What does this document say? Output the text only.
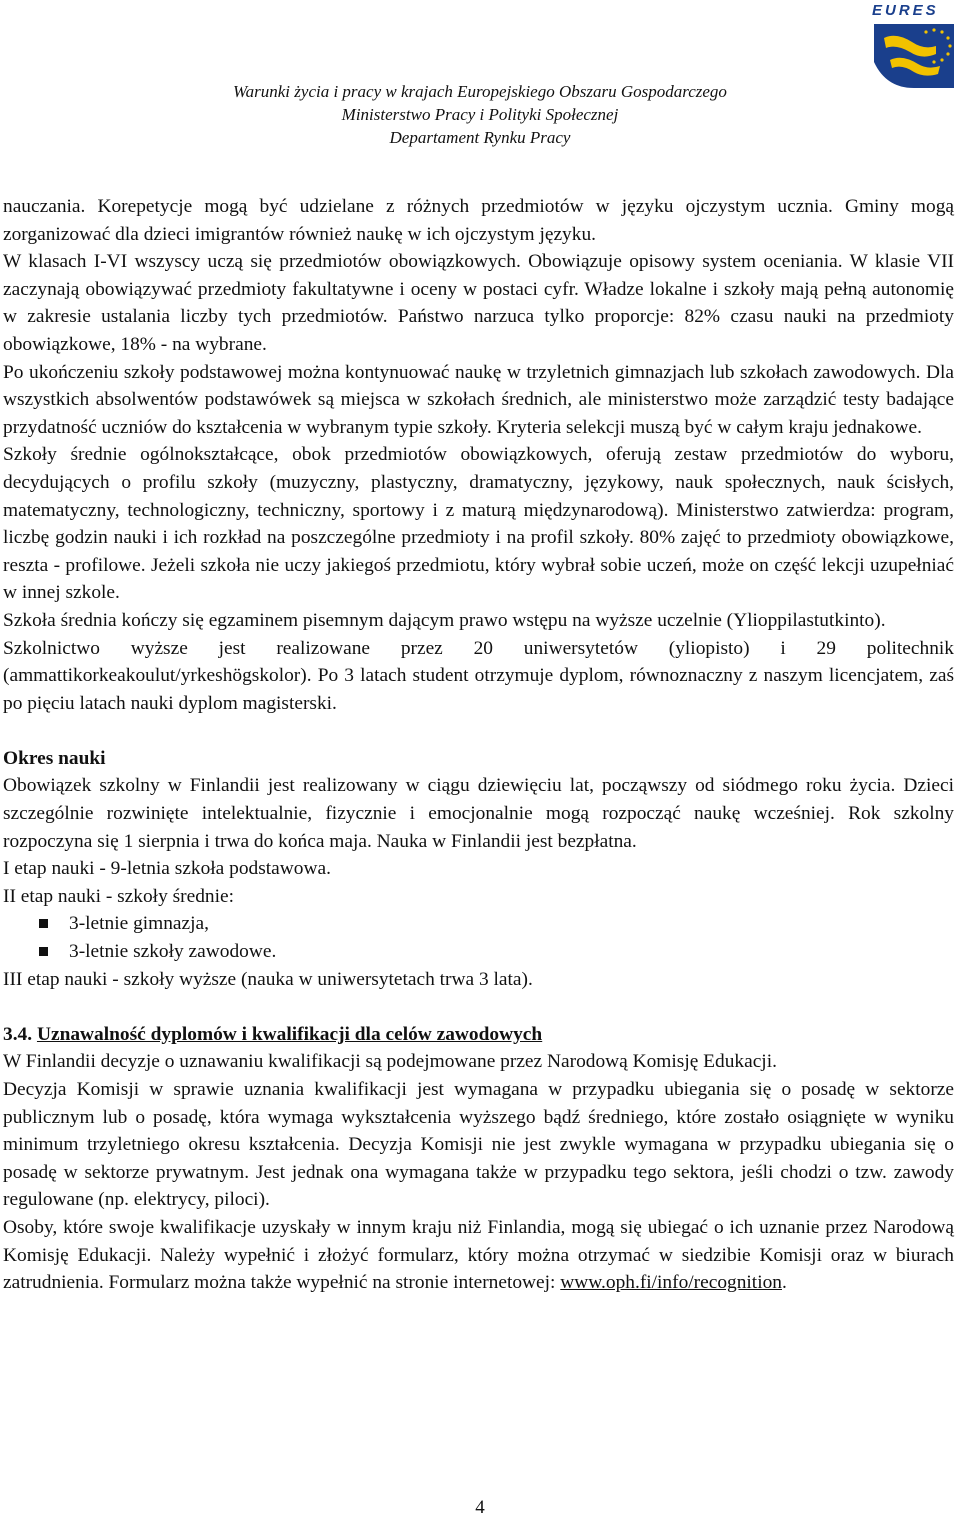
EURES
Warunki życia i pracy w krajach Europejskiego Obszaru Gospodarczego
Ministerstwo Pracy i Polityki Społecznej
Departament Rynku Pracy

nauczania. Korepetycje mogą być udzielane z różnych przedmiotów w języku ojczystym ucznia. Gminy mogą zorganizować dla dzieci imigrantów również naukę w ich ojczystym języku.

W klasach I-VI wszyscy uczą się przedmiotów obowiązkowych. Obowiązuje opisowy system oceniania. W klasie VII zaczynają obowiązywać przedmioty fakultatywne i oceny w postaci cyfr. Władze lokalne i szkoły mają pełną autonomię w zakresie ustalania liczby tych przedmiotów. Państwo narzuca tylko proporcje: 82% czasu nauki na przedmioty obowiązkowe, 18% - na wybrane.

Po ukończeniu szkoły podstawowej można kontynuować naukę w trzyletnich gimnazjach lub szkołach zawodowych. Dla wszystkich absolwentów podstawówek są miejsca w szkołach średnich, ale ministerstwo może zarządzić testy badające przydatność uczniów do kształcenia w wybranym typie szkoły. Kryteria selekcji muszą być w całym kraju jednakowe.

Szkoły średnie ogólnokształcące, obok przedmiotów obowiązkowych, oferują zestaw przedmiotów do wyboru, decydujących o profilu szkoły (muzyczny, plastyczny, dramatyczny, językowy, nauk społecznych, nauk ścisłych, matematyczny, technologiczny, techniczny, sportowy i z maturą międzynarodową). Ministerstwo zatwierdza: program, liczbę godzin nauki i ich rozkład na poszczególne przedmioty i na profil szkoły. 80% zajęć to przedmioty obowiązkowe, reszta - profilowe. Jeżeli szkoła nie uczy jakiegoś przedmiotu, który wybrał sobie uczeń, może on część lekcji uzupełniać w innej szkole.

Szkoła średnia kończy się egzaminem pisemnym dającym prawo wstępu na wyższe uczelnie (Ylioppilastutkinto).

Szkolnictwo wyższe jest realizowane przez 20 uniwersytetów (yliopisto) i 29 politechnik (ammattikorkeakoulut/yrkeshögskolor). Po 3 latach student otrzymuje dyplom, równoznaczny z naszym licencjatem, zaś po pięciu latach nauki dyplom magisterski.

Okres nauki

Obowiązek szkolny w Finlandii jest realizowany w ciągu dziewięciu lat, począwszy od siódmego roku życia. Dzieci szczególnie rozwinięte intelektualnie, fizycznie i emocjonalnie mogą rozpocząć naukę wcześniej. Rok szkolny rozpoczyna się 1 sierpnia i trwa do końca maja. Nauka w Finlandii jest bezpłatna.

I etap nauki - 9-letnia szkoła podstawowa.

II etap nauki - szkoły średnie:

3-letnie gimnazja,
3-letnie szkoły zawodowe.

III etap nauki - szkoły wyższe (nauka w uniwersytetach trwa 3 lata).

3.4. Uznawalność dyplomów i kwalifikacji dla celów zawodowych

W Finlandii decyzje o uznawaniu kwalifikacji są podejmowane przez Narodową Komisję Edukacji.

Decyzja Komisji w sprawie uznania kwalifikacji jest wymagana w przypadku ubiegania się o posadę w sektorze publicznym lub o posadę, która wymaga wykształcenia wyższego bądź średniego, które zostało osiągnięte w wyniku minimum trzyletniego okresu kształcenia. Decyzja Komisji nie jest zwykle wymagana w przypadku ubiegania się o posadę w sektorze prywatnym. Jest jednak ona wymagana także w przypadku tego sektora, jeśli chodzi o tzw. zawody regulowane (np. elektrycy, piloci).

Osoby, które swoje kwalifikacje uzyskały w innym kraju niż Finlandia, mogą się ubiegać o ich uznanie przez Narodową Komisję Edukacji. Należy wypełnić i złożyć formularz, który można otrzymać w siedzibie Komisji oraz w biurach zatrudnienia. Formularz można także wypełnić na stronie internetowej: www.oph.fi/info/recognition.

4
